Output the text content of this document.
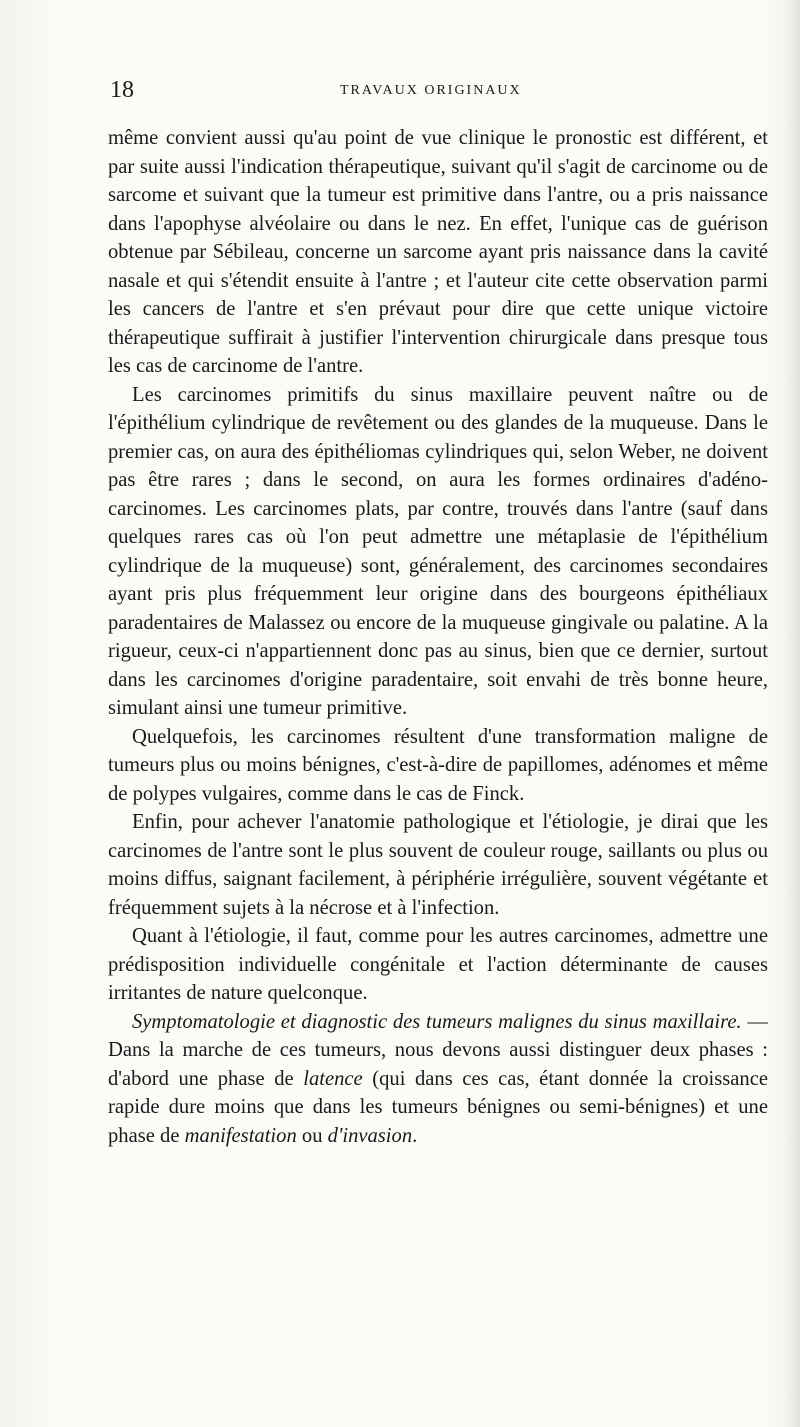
18	TRAVAUX ORIGINAUX

même convient aussi qu'au point de vue clinique le pronostic est différent, et par suite aussi l'indication thérapeutique, suivant qu'il s'agit de carcinome ou de sarcome et suivant que la tumeur est primitive dans l'antre, ou a pris naissance dans l'apophyse alvéolaire ou dans le nez. En effet, l'unique cas de guérison obtenue par Sébileau, concerne un sarcome ayant pris naissance dans la cavité nasale et qui s'étendit ensuite à l'antre ; et l'auteur cite cette observation parmi les cancers de l'antre et s'en prévaut pour dire que cette unique victoire thérapeutique suffirait à justifier l'intervention chirurgicale dans presque tous les cas de carcinome de l'antre.

Les carcinomes primitifs du sinus maxillaire peuvent naître ou de l'épithélium cylindrique de revêtement ou des glandes de la muqueuse. Dans le premier cas, on aura des épithéliomas cylindriques qui, selon Weber, ne doivent pas être rares ; dans le second, on aura les formes ordinaires d'adéno-carcinomes. Les carcinomes plats, par contre, trouvés dans l'antre (sauf dans quelques rares cas où l'on peut admettre une métaplasie de l'épithélium cylindrique de la muqueuse) sont, généralement, des carcinomes secondaires ayant pris plus fréquemment leur origine dans des bourgeons épithéliaux paradentaires de Malassez ou encore de la muqueuse gingivale ou palatine. A la rigueur, ceux-ci n'appartiennent donc pas au sinus, bien que ce dernier, surtout dans les carcinomes d'origine paradentaire, soit envahi de très bonne heure, simulant ainsi une tumeur primitive.

Quelquefois, les carcinomes résultent d'une transformation maligne de tumeurs plus ou moins bénignes, c'est-à-dire de papillomes, adénomes et même de polypes vulgaires, comme dans le cas de Finck.

Enfin, pour achever l'anatomie pathologique et l'étiologie, je dirai que les carcinomes de l'antre sont le plus souvent de couleur rouge, saillants ou plus ou moins diffus, saignant facilement, à périphérie irrégulière, souvent végétante et fréquemment sujets à la nécrose et à l'infection.

Quant à l'étiologie, il faut, comme pour les autres carcinomes, admettre une prédisposition individuelle congénitale et l'action déterminante de causes irritantes de nature quelconque.

Symptomatologie et diagnostic des tumeurs malignes du sinus maxillaire. — Dans la marche de ces tumeurs, nous devons aussi distinguer deux phases : d'abord une phase de latence (qui dans ces cas, étant donnée la croissance rapide dure moins que dans les tumeurs bénignes ou semi-bénignes) et une phase de manifestation ou d'invasion.
